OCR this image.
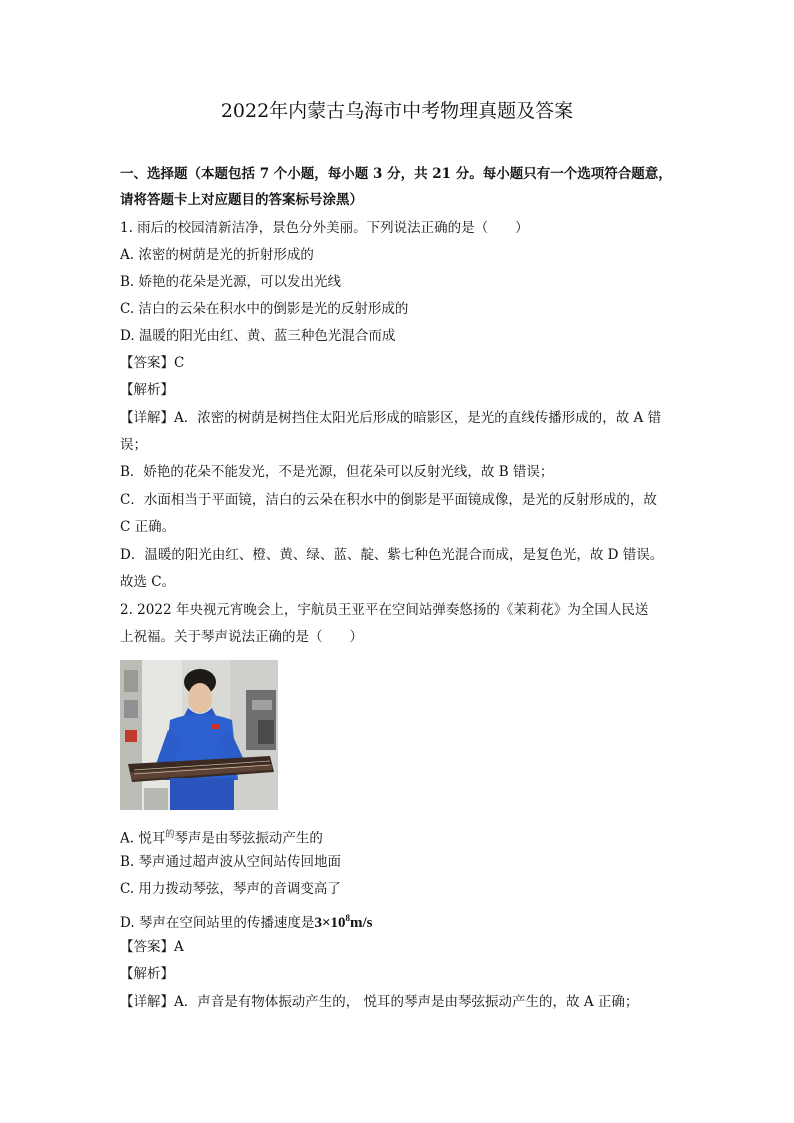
2022年内蒙古乌海市中考物理真题及答案
一、选择题（本题包括 7 个小题，每小题 3 分，共 21 分。每小题只有一个选项符合题意，
请将答题卡上对应题目的答案标号涂黑）
1. 雨后的校园清新洁净，景色分外美丽。下列说法正确的是（　　）
A. 浓密的树荫是光的折射形成的
B. 娇艳的花朵是光源，可以发出光线
C. 洁白的云朵在积水中的倒影是光的反射形成的
D. 温暖的阳光由红、黄、蓝三种色光混合而成
【答案】C
【解析】
【详解】A．浓密的树荫是树挡住太阳光后形成的暗影区，是光的直线传播形成的，故 A 错
误；
B．娇艳的花朵不能发光，不是光源，但花朵可以反射光线，故 B 错误；
C．水面相当于平面镜，洁白的云朵在积水中的倒影是平面镜成像，是光的反射形成的，故
C 正确。
D．温暖的阳光由红、橙、黄、绿、蓝、靛、紫七种色光混合而成，是复色光，故 D 错误。
故选 C。
2. 2022 年央视元宵晚会上，宇航员王亚平在空间站弹奏悠扬的《茉莉花》为全国人民送
上祝福。关于琴声说法正确的是（　　）
A. 悦耳$^的$琴声是由琴弦振动产生的
B. 琴声通过超声波从空间站传回地面
C. 用力拨动琴弦，琴声的音调变高了
D. 琴声在空间站里的传播速度是$3\times 10^8m/s$
【答案】A
【解析】
【详解】A．声音是有物体振动产生的， 悦耳的琴声是由琴弦振动产生的，故 A 正确；
